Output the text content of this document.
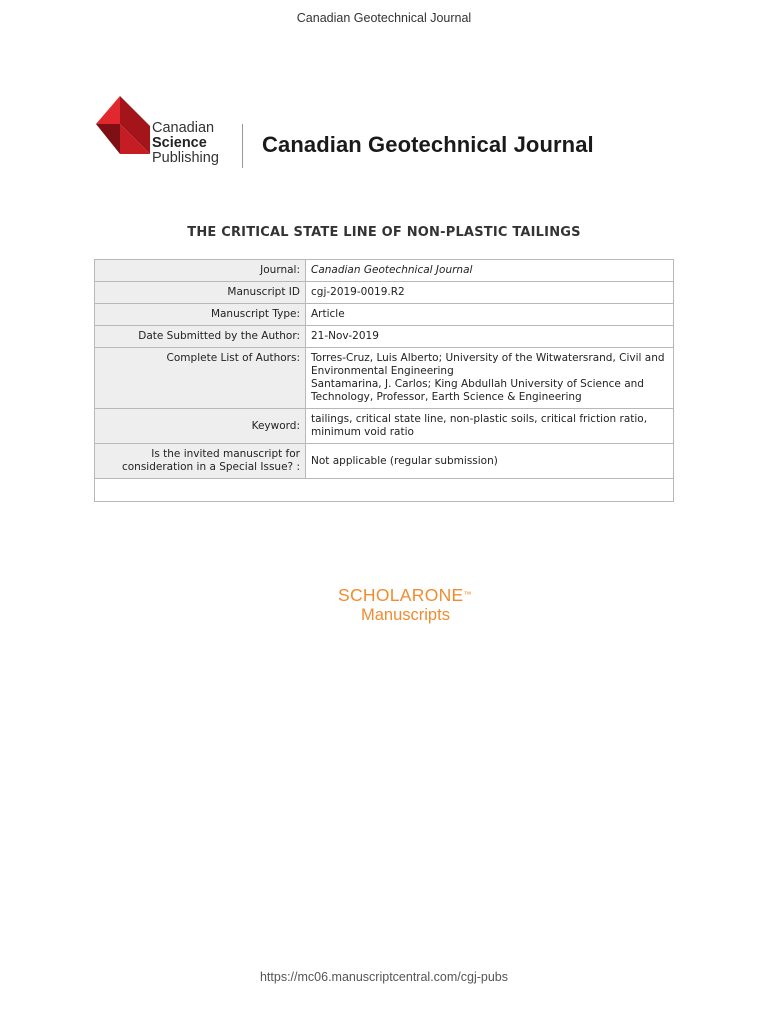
Canadian Geotechnical Journal
Canadian
Science
Publishing
Canadian Geotechnical Journal
THE CRITICAL STATE LINE OF NON-PLASTIC TAILINGS
Journal:	Canadian Geotechnical Journal
Manuscript ID	cgj-2019-0019.R2
Manuscript Type:	Article
Date Submitted by the Author:	21-Nov-2019
Complete List of Authors:	Torres-Cruz, Luis Alberto; University of the Witwatersrand, Civil and Environmental Engineering
Santamarina, J. Carlos; King Abdullah University of Science and Technology, Professor, Earth Science & Engineering

Keyword:	tailings, critical state line, non-plastic soils, critical friction ratio, minimum void ratio
Is the invited manuscript for consideration in a Special Issue? :	Not applicable (regular submission)

SCHOLARONE™
Manuscripts
https://mc06.manuscriptcentral.com/cgj-pubs
